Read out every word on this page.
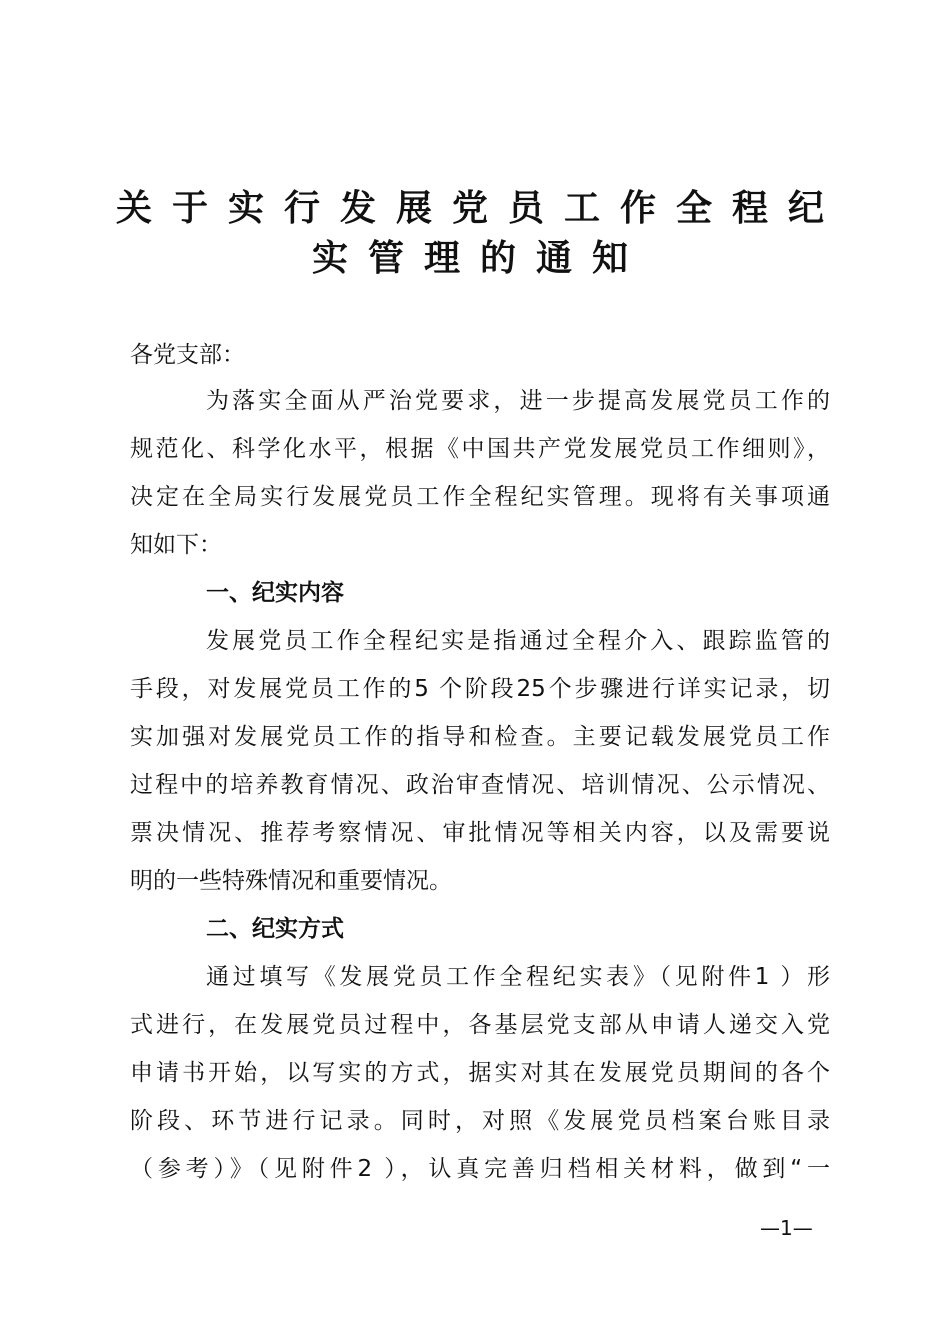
关于实行发展党员工作全程纪
实管理的通知
各党支部：
为落实全面从严治党要求，进一步提高发展党员工作的
规范化、科学化水平，根据《中国共产党发展党员工作细则》，
决定在全局实行发展党员工作全程纪实管理。现将有关事项通
知如下：
一、纪实内容
发展党员工作全程纪实是指通过全程介入、跟踪监管的
手段，对发展党员工作的5 个阶段25个步骤进行详实记录，切
实加强对发展党员工作的指导和检查。主要记载发展党员工作
过程中的培养教育情况、政治审查情况、培训情况、公示情况、
票决情况、推荐考察情况、审批情况等相关内容，以及需要说
明的一些特殊情况和重要情况。
二、纪实方式
通过填写《发展党员工作全程纪实表》（见附件1 ）形
式进行，在发展党员过程中，各基层党支部从申请人递交入党
申请书开始，以写实的方式，据实对其在发展党员期间的各个
阶段、环节进行记录。同时，对照《发展党员档案台账目录
（参考）》（见附件2 ），认真完善归档相关材料，做到“一
—1—
